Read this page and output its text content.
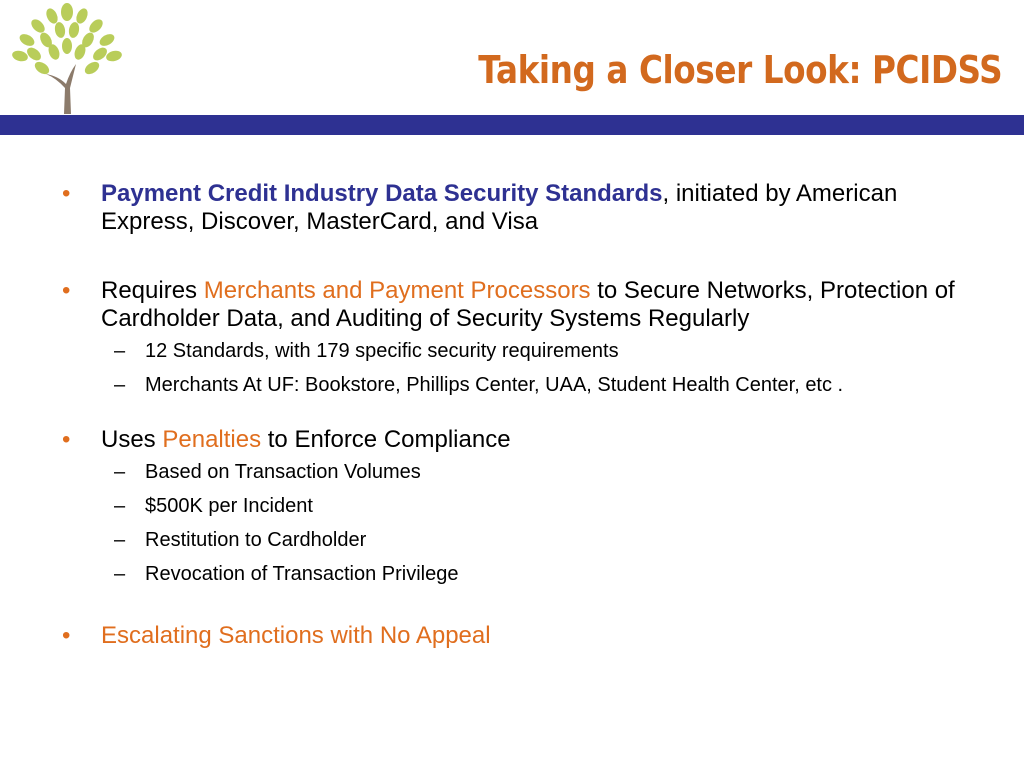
Taking a Closer Look: PCIDSS
• Payment Credit Industry Data Security Standards, initiated by American Express, Discover, MasterCard, and Visa
• Requires Merchants and Payment Processors to Secure Networks, Protection of Cardholder Data, and Auditing of Security Systems Regularly
– 12 Standards, with 179 specific security requirements
– Merchants At UF: Bookstore, Phillips Center, UAA, Student Health Center, etc .
• Uses Penalties to Enforce Compliance
– Based on Transaction Volumes
– $500K per Incident
– Restitution to Cardholder
– Revocation of Transaction Privilege
• Escalating Sanctions with No Appeal
